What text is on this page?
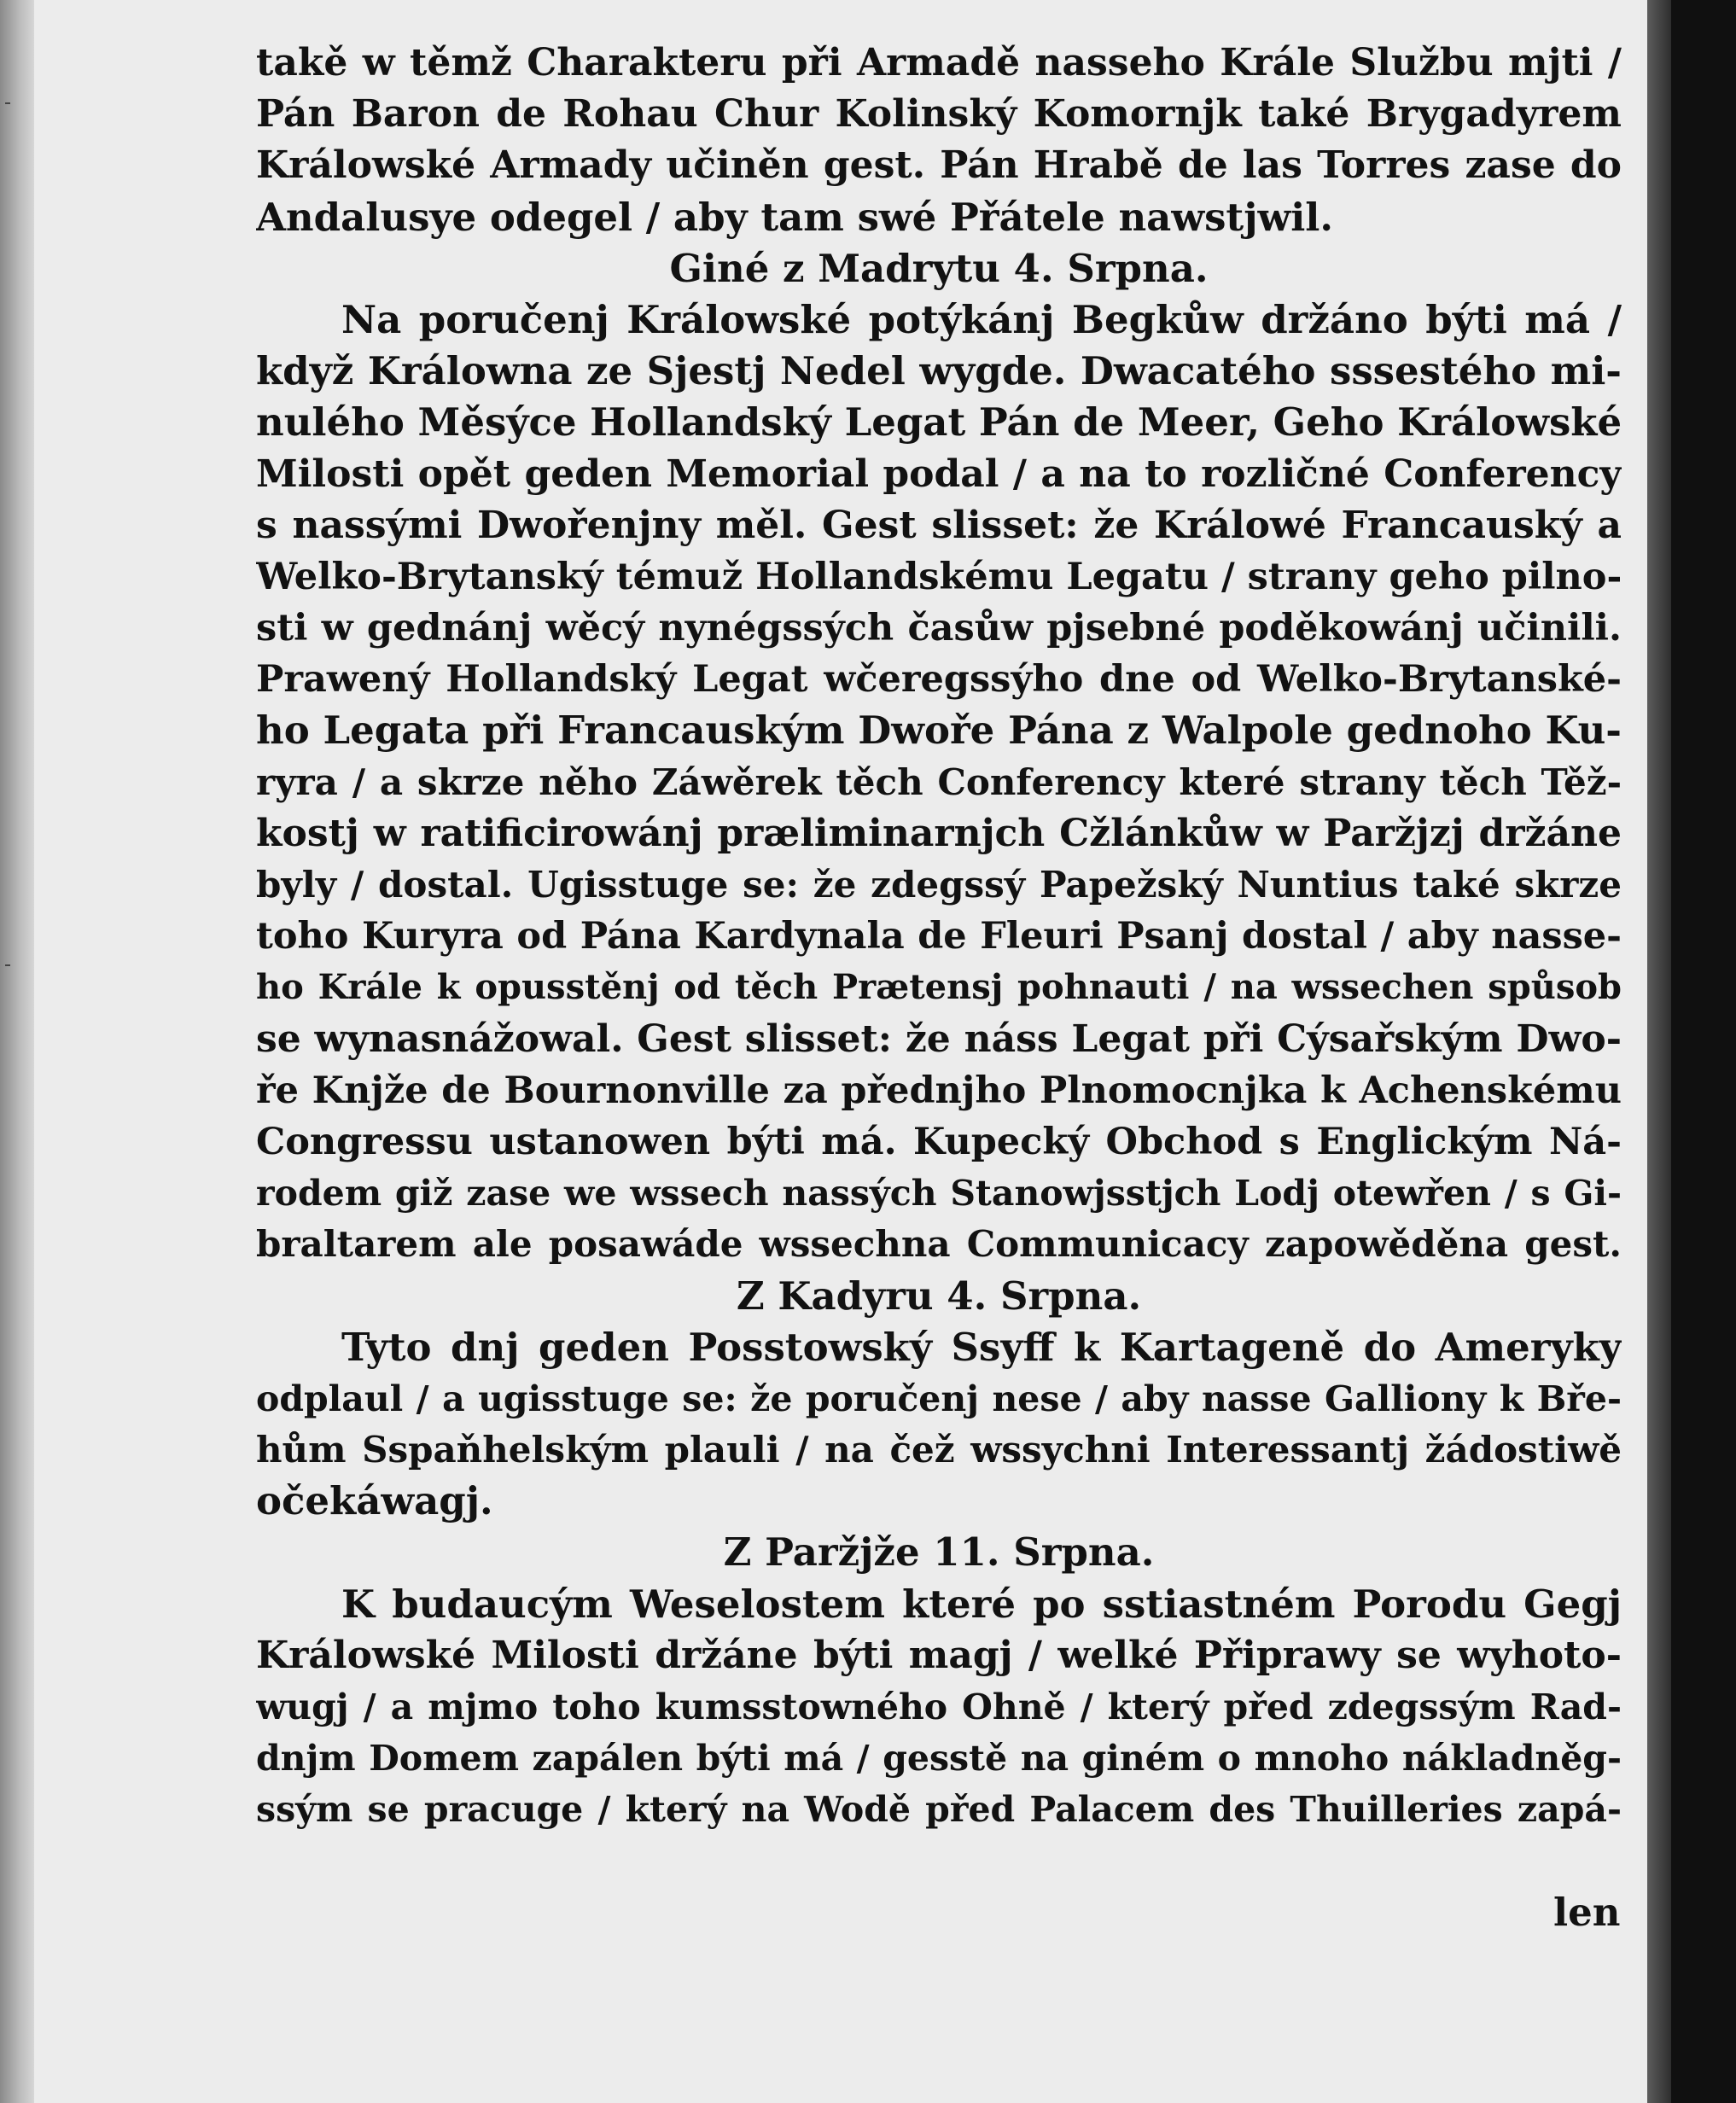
takě w těmž Charakteru při Armadě nasseho Krále Službu mjti /
Pán Baron de Rohau Chur Kolinský Komornjk také Brygadyrem
Králowské Armady učiněn gest. Pán Hrabě de las Torres zase do
Andalusye odegel / aby tam swé Přátele nawstjwil.
Giné z Madrytu 4. Srpna.
Na poručenj Králowské potýkánj Begkůw držáno býti má /
když Králowna ze Sjestj Nedel wygde. Dwacatého sssestého mi-
nulého Měsýce Hollandský Legat Pán de Meer, Geho Králowské
Milosti opět geden Memorial podal / a na to rozličné Conferency
s nassými Dwořenjny měl. Gest slisset: že Králowé Francauský a
Welko-Brytanský témuž Hollandskému Legatu / strany geho pilno-
sti w gednánj wěcý nynégssých časůw pjsebné poděkowánj učinili.
Prawený Hollandský Legat wčeregssýho dne od Welko-Brytanské-
ho Legata při Francauským Dwoře Pána z Walpole gednoho Ku-
ryra / a skrze něho Záwěrek těch Conferency které strany těch Těž-
kostj w ratificirowánj præliminarnjch Cžlánkůw w Paržjzj držáne
byly / dostal. Ugisstuge se: že zdegssý Papežský Nuntius také skrze
toho Kuryra od Pána Kardynala de Fleuri Psanj dostal / aby nasse-
ho Krále k opusstěnj od těch Prætensj pohnauti / na wssechen spůsob
se wynasnážowal. Gest slisset: že náss Legat při Cýsařským Dwo-
ře Knjže de Bournonville za přednjho Plnomocnjka k Achenskému
Congressu ustanowen býti má. Kupecký Obchod s Englickým Ná-
rodem giž zase we wssech nassých Stanowjsstjch Lodj otewřen / s Gi-
braltarem ale posawáde wssechna Communicacy zapowěděna gest.
Z Kadyru 4. Srpna.
Tyto dnj geden Posstowský Ssyff k Kartageně do Ameryky
odplaul / a ugisstuge se: že poručenj nese / aby nasse Galliony k Bře-
hům Sspaňhelským plauli / na čež wssychni Interessantj žádostiwě
očekáwagj.
Z Paržjže 11. Srpna.
K budaucým Weselostem které po sstiastném Porodu Gegj
Králowské Milosti držáne býti magj / welké Připrawy se wyhoto-
wugj / a mjmo toho kumsstowného Ohně / který před zdegssým Rad-
dnjm Domem zapálen býti má / gesstě na giném o mnoho nákladněg-
ssým se pracuge / který na Wodě před Palacem des Thuilleries zapá-
len
